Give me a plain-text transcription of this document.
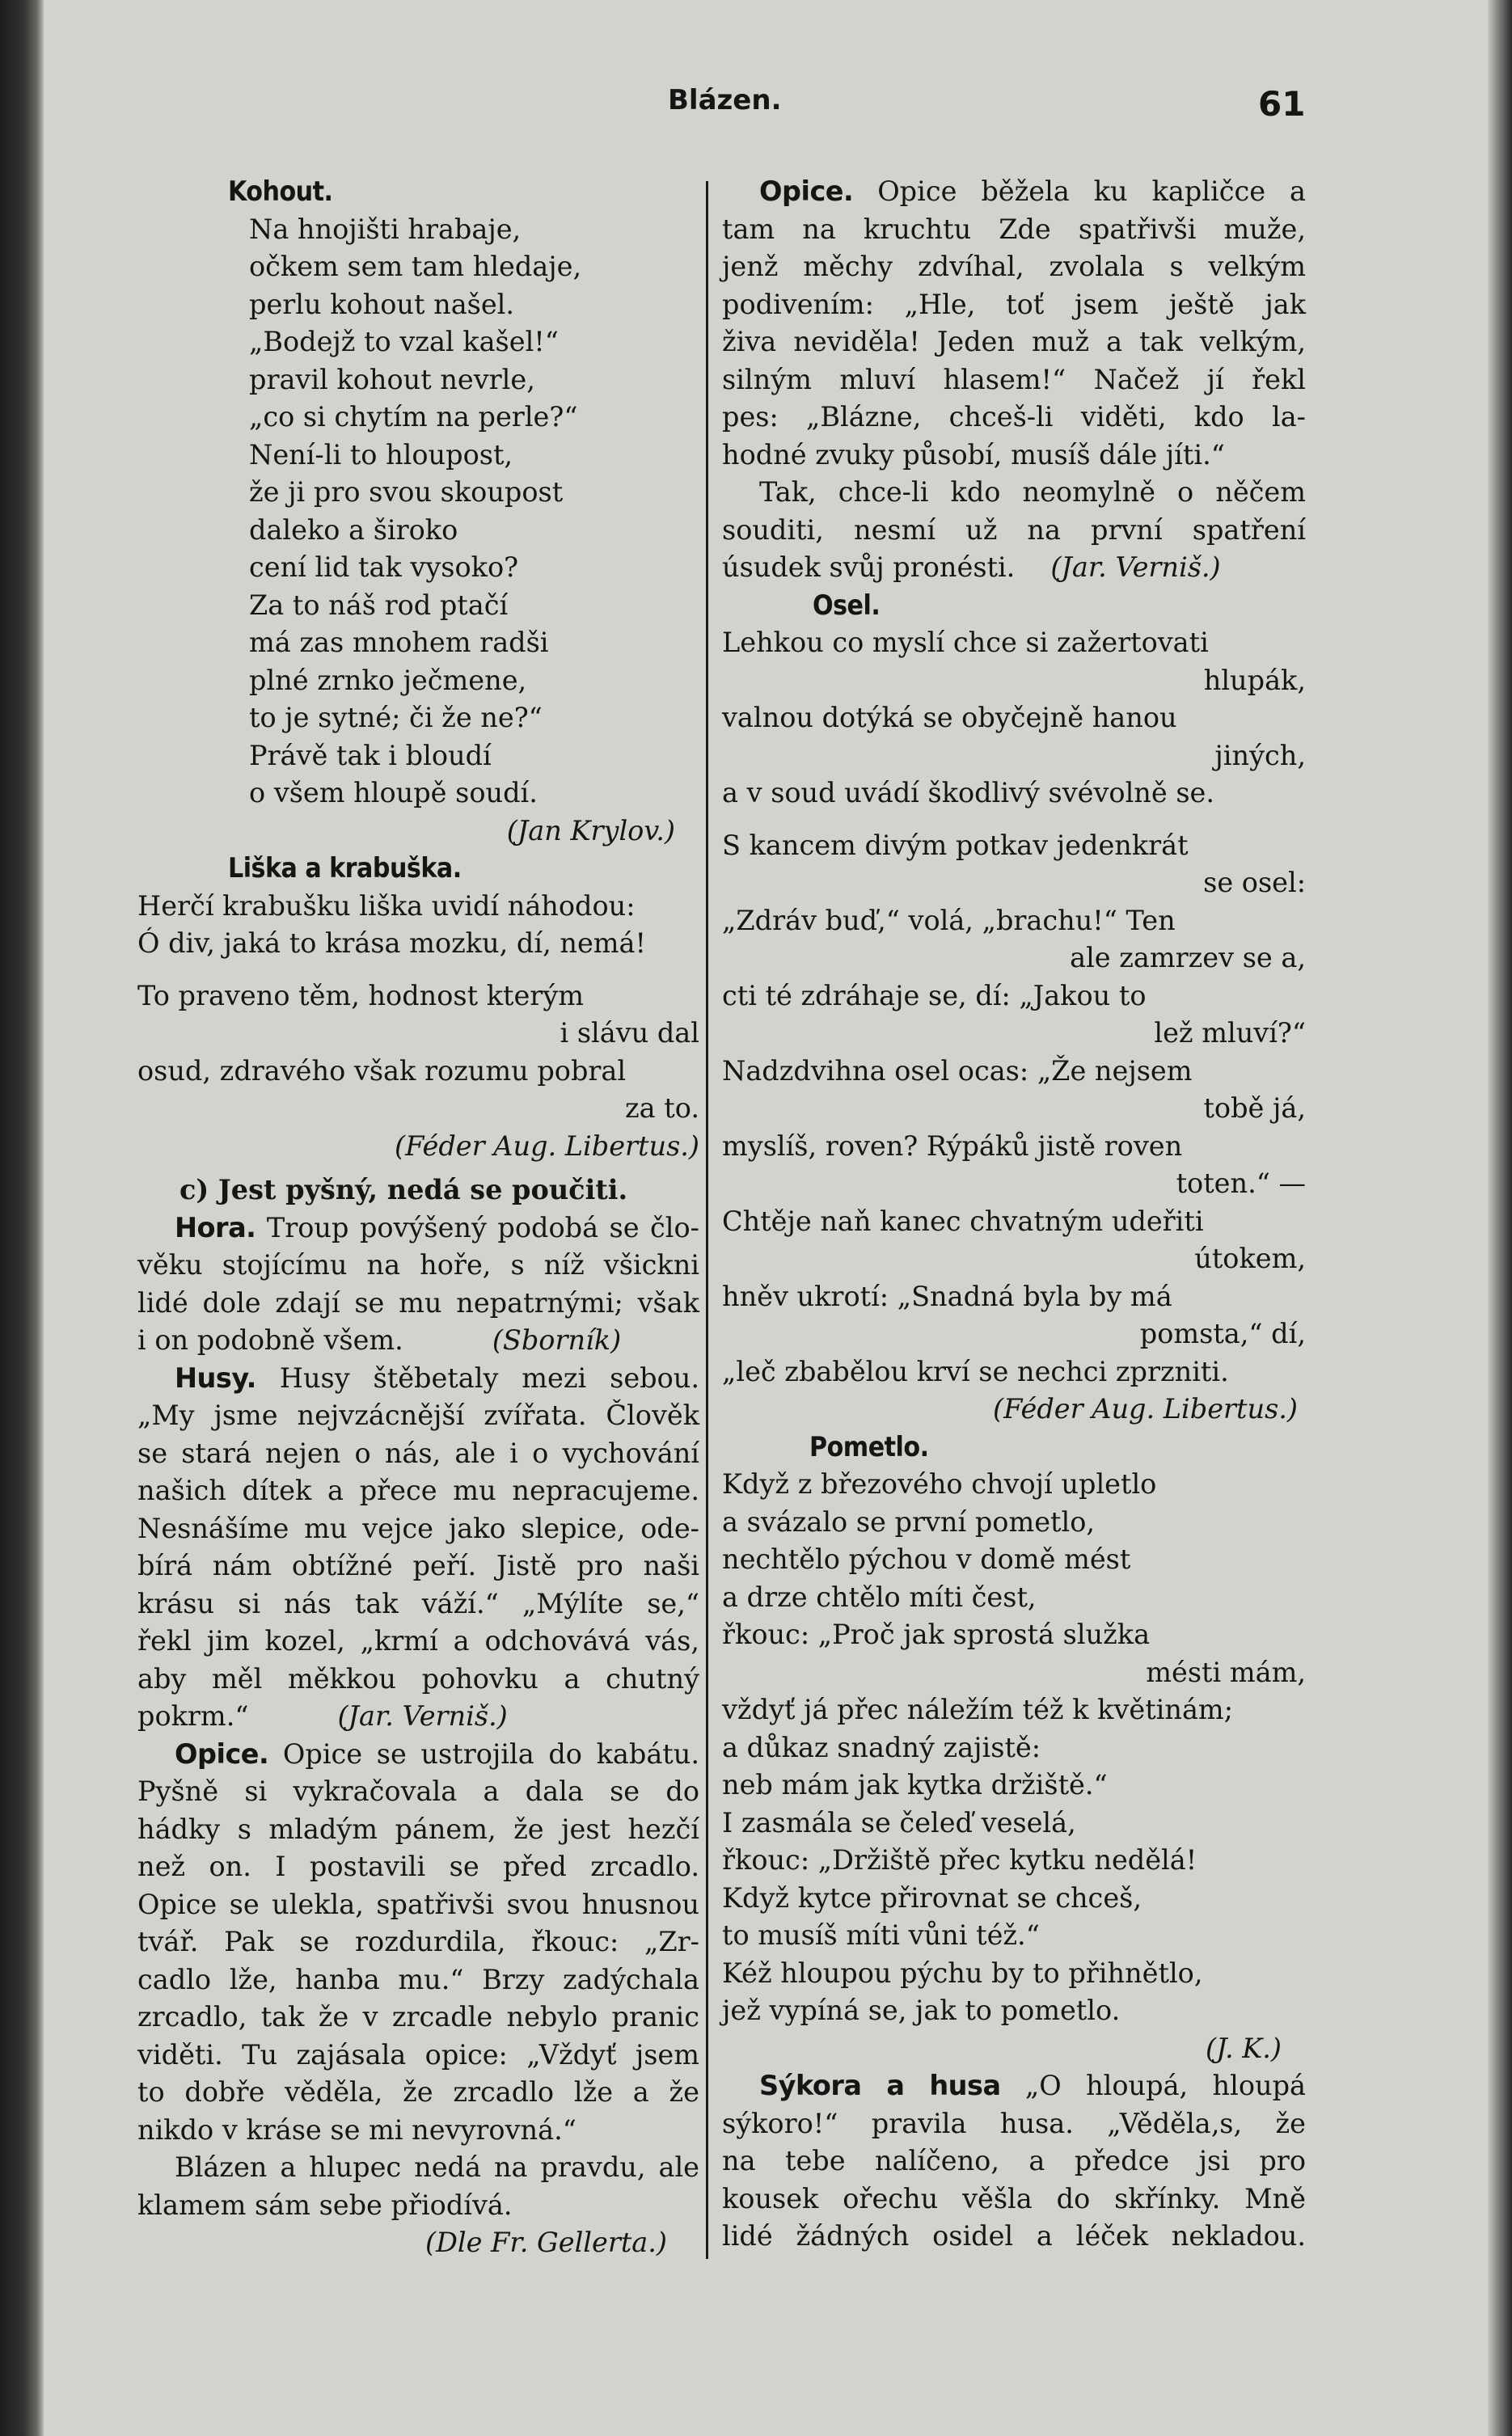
Blázen.	61
Kohout.
Na hnojišti hrabaje,
očkem sem tam hledaje,
perlu kohout našel.
„Bodejž to vzal kašel!“
pravil kohout nevrle,
„co si chytím na perle?“
Není-li to hloupost,
že ji pro svou skoupost
daleko a široko
cení lid tak vysoko?
Za to náš rod ptačí
má zas mnohem radši
plné zrnko ječmene,
to je sytné; či že ne?“
Právě tak i bloudí
o všem hloupě soudí.
(Jan Krylov.)
Liška a krabuška.
Herčí krabušku liška uvidí náhodou:
Ó div, jaká to krása mozku, dí, nemá!
To praveno těm, hodnost kterým
i slávu dal
osud, zdravého však rozumu pobral
za to.
(Féder Aug. Libertus.)
c) Jest pyšný, nedá se poučiti.
Hora. Troup povýšený podobá se člo-
věku stojícímu na hoře, s níž všickni
lidé dole zdají se mu nepatrnými; však
i on podobně všem.	(Sborník)
Husy. Husy štěbetaly mezi sebou.
„My jsme nejvzácnější zvířata. Člověk
se stará nejen o nás, ale i o vychování
našich dítek a přece mu nepracujeme.
Nesnášíme mu vejce jako slepice, ode-
bírá nám obtížné peří. Jistě pro naši
krásu si nás tak váží.“ „Mýlíte se,“
řekl jim kozel, „krmí a odchovává vás,
aby měl měkkou pohovku a chutný
pokrm.“	(Jar. Verniš.)
Opice. Opice se ustrojila do kabátu.
Pyšně si vykračovala a dala se do
hádky s mladým pánem, že jest hezčí
než on. I postavili se před zrcadlo.
Opice se ulekla, spatřivši svou hnusnou
tvář. Pak se rozdurdila, řkouc: „Zr-
cadlo lže, hanba mu.“ Brzy zadýchala
zrcadlo, tak že v zrcadle nebylo pranic
viděti. Tu zajásala opice: „Vždyť jsem
to dobře věděla, že zrcadlo lže a že
nikdo v kráse se mi nevyrovná.“
Blázen a hlupec nedá na pravdu, ale
klamem sám sebe přiodívá.
(Dle Fr. Gellerta.)
Opice. Opice běžela ku kapličce a
tam na kruchtu Zde spatřivši muže,
jenž měchy zdvíhal, zvolala s velkým
podivením: „Hle, toť jsem ještě jak
živa neviděla! Jeden muž a tak velkým,
silným mluví hlasem!“ Načež jí řekl
pes: „Blázne, chceš-li viděti, kdo la-
hodné zvuky působí, musíš dále jíti.“
Tak, chce-li kdo neomylně o něčem
souditi, nesmí už na první spatření
úsudek svůj pronésti. (Jar. Verniš.)
Osel.
Lehkou co myslí chce si zažertovati
hlupák,
valnou dotýká se obyčejně hanou
jiných,
a v soud uvádí škodlivý svévolně se.
S kancem divým potkav jedenkrát
se osel:
„Zdráv buď,“ volá, „brachu!“ Ten
ale zamrzev se a,
cti té zdráhaje se, dí: „Jakou to
lež mluví?“
Nadzdvihna osel ocas: „Že nejsem
tobě já,
myslíš, roven? Rýpáků jistě roven
toten.“ —
Chtěje naň kanec chvatným udeřiti
útokem,
hněv ukrotí: „Snadná byla by má
pomsta,“ dí,
„leč zbabělou krví se nechci zprzniti.
(Féder Aug. Libertus.)
Pometlo.
Když z březového chvojí upletlo
a svázalo se první pometlo,
nechtělo pýchou v domě mést
a drze chtělo míti čest,
řkouc: „Proč jak sprostá služka
mésti mám,
vždyť já přec náležím též k květinám;
a důkaz snadný zajistě:
neb mám jak kytka držiště.“
I zasmála se čeleď veselá,
řkouc: „Držiště přec kytku nedělá!
Když kytce přirovnat se chceš,
to musíš míti vůni též.“
Kéž hloupou pýchu by to přihnětlo,
jež vypíná se, jak to pometlo.
(J. K.)
Sýkora a husa „O hloupá, hloupá
sýkoro!“ pravila husa. „Věděla‚s, že
na tebe nalíčeno, a předce jsi pro
kousek ořechu věšla do skřínky. Mně
lidé žádných osidel a léček nekladou.
